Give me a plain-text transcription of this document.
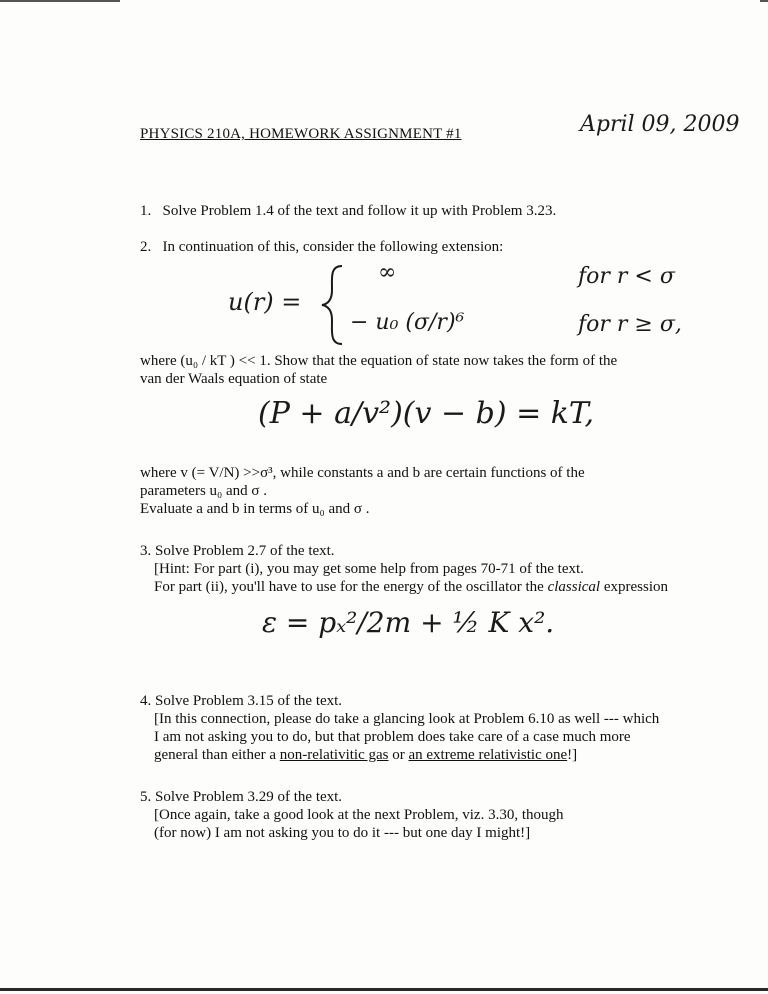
PHYSICS 210A, HOMEWORK ASSIGNMENT #1	April 09, 2009
1. Solve Problem 1.4 of the text and follow it up with Problem 3.23.
2. In continuation of this, consider the following extension:
u(r) =
∞	for r < σ
− u₀ (σ/r)⁶	for r ≥ σ,
where (u₀ / kT ) << 1. Show that the equation of state now takes the form of the
van der Waals equation of state
(P + a/v²)(v − b) = kT,
where v (= V/N) >>σ³, while constants a and b are certain functions of the
parameters u₀ and σ .
Evaluate a and b in terms of u₀ and σ .
3. Solve Problem 2.7 of the text.
[Hint: For part (i), you may get some help from pages 70-71 of the text.
For part (ii), you'll have to use for the energy of the oscillator the classical expression
ε = pₓ²/2m + ½ K x².
4. Solve Problem 3.15 of the text.
[In this connection, please do take a glancing look at Problem 6.10 as well --- which
I am not asking you to do, but that problem does take care of a case much more
general than either a non-relativitic gas or an extreme relativistic one!]
5. Solve Problem 3.29 of the text.
[Once again, take a good look at the next Problem, viz. 3.30, though
(for now) I am not asking you to do it --- but one day I might!]
